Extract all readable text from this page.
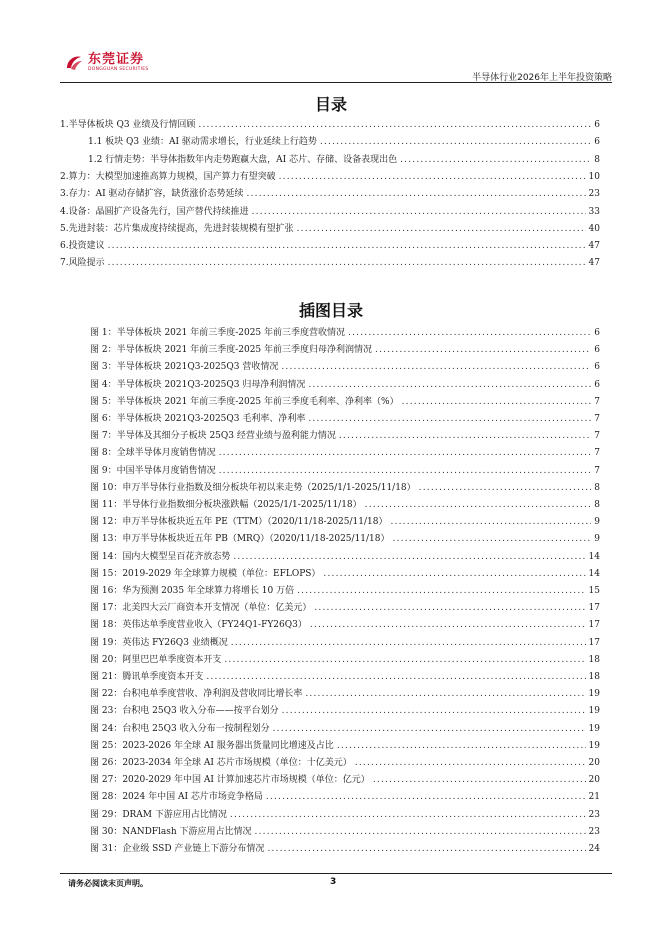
东莞证券
DONGGUAN SECURITIES
半导体行业2026年上半年投资策略
目录
1.半导体板块 Q3 业绩及行情回顾 .....	6
1.1 板块 Q3 业绩：AI 驱动需求增长，行业延续上行趋势 .....	6
1.2 行情走势：半导体指数年内走势跑赢大盘，AI 芯片、存储、设备表现出色 .....	8
2.算力：大模型加速推高算力规模，国产算力有望突破 .....	10
3.存力：AI 驱动存储扩容，缺货涨价态势延续 .....	23
4.设备：晶圆扩产设备先行，国产替代持续推进 .....	33
5.先进封装：芯片集成度持续提高，先进封装规模有望扩张 .....	40
6.投资建议 .....	47
7.风险提示 .....	47
插图目录
图 1：半导体板块 2021 年前三季度-2025 年前三季度营收情况 .....	6
图 2：半导体板块 2021 年前三季度-2025 年前三季度归母净利润情况 .....	6
图 3：半导体板块 2021Q3-2025Q3 营收情况 .....	6
图 4：半导体板块 2021Q3-2025Q3 归母净利润情况 .....	6
图 5：半导体板块 2021 年前三季度-2025 年前三季度毛利率、净利率（%） .....	7
图 6：半导体板块 2021Q3-2025Q3 毛利率、净利率 .....	7
图 7：半导体及其细分子板块 25Q3 经营业绩与盈利能力情况 .....	7
图 8：全球半导体月度销售情况 .....	7
图 9：中国半导体月度销售情况 .....	7
图 10：申万半导体行业指数及细分板块年初以来走势（2025/1/1-2025/11/18） .....	8
图 11：半导体行业指数细分板块涨跌幅（2025/1/1-2025/11/18） .....	8
图 12：申万半导体板块近五年 PE（TTM）（2020/11/18-2025/11/18） .....	9
图 13：申万半导体板块近五年 PB（MRQ）（2020/11/18-2025/11/18） .....	9
图 14：国内大模型呈百花齐放态势 .....	14
图 15：2019-2029 年全球算力规模（单位：EFLOPS） .....	14
图 16：华为预测 2035 年全球算力将增长 10 万倍 .....	15
图 17：北美四大云厂商资本开支情况（单位：亿美元） .....	17
图 18：英伟达单季度营业收入（FY24Q1-FY26Q3） .....	17
图 19：英伟达 FY26Q3 业绩概况 .....	17
图 20：阿里巴巴单季度资本开支 .....	18
图 21：腾讯单季度资本开支 .....	18
图 22：台积电单季度营收、净利润及营收同比增长率 .....	19
图 23：台积电 25Q3 收入分布——按平台划分 .....	19
图 24：台积电 25Q3 收入分布一按制程划分 .....	19
图 25：2023-2026 年全球 AI 服务器出货量同比增速及占比 .....	19
图 26：2023-2034 年全球 AI 芯片市场规模（单位：十亿美元） .....	20
图 27：2020-2029 年中国 AI 计算加速芯片市场规模（单位：亿元） .....	20
图 28：2024 年中国 AI 芯片市场竞争格局 .....	21
图 29：DRAM 下游应用占比情况 .....	23
图 30：NANDFlash 下游应用占比情况 .....	23
图 31：企业级 SSD 产业链上下游分布情况 .....	24
请务必阅读末页声明。	3
